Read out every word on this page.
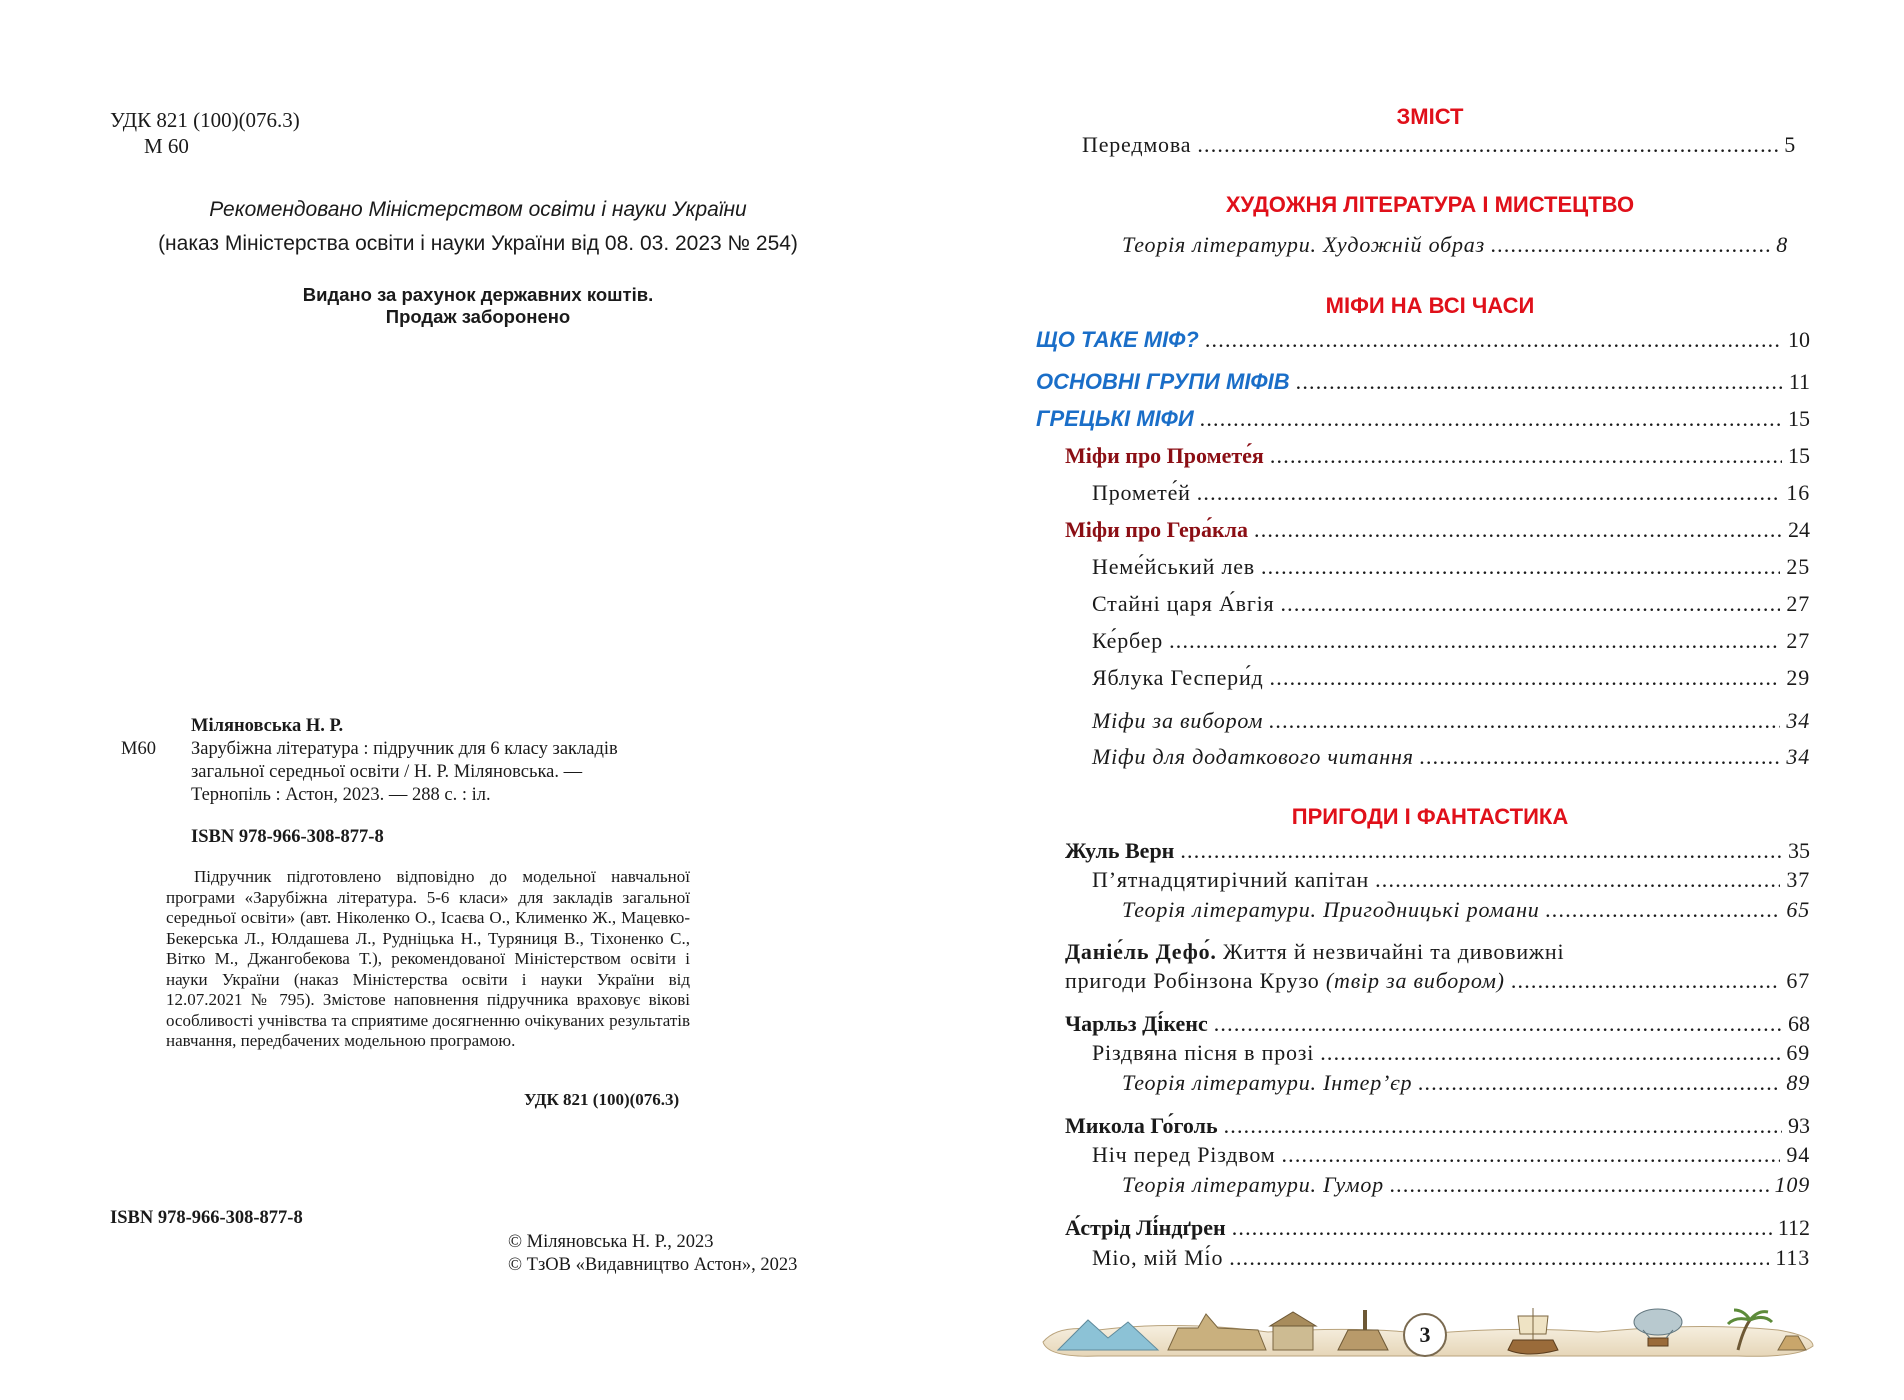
УДК 821 (100)(076.3)
М 60
Рекомендовано Міністерством освіти і науки України
(наказ Міністерства освіти і науки України від 08. 03. 2023 № 254)
Видано за рахунок державних коштів.
Продаж заборонено
Міляновська Н. Р.
М60 Зарубіжна література : підручник для 6 класу закладів
загальної середньої освіти / Н. Р. Міляновська. —
Тернопіль : Астон, 2023. — 288 с. : іл.
ISBN 978-966-308-877-8
Підручник підготовлено відповідно до модельної навчальної програми «Зарубіжна література. 5-6 класи» для закладів загальної середньої освіти» (авт. Ніколенко О., Ісаєва О., Клименко Ж., Мацевко-Бекерська Л., Юлдашева Л., Рудніцька Н., Туряниця В., Тіхоненко С., Вітко М., Джангобекова Т.), рекомендованої Міністерством освіти і науки України (наказ Міністерства освіти і науки України від 12.07.2021 № 795). Змістове наповнення підручника враховує вікові особливості учнівства та сприятиме досягненню очікуваних результатів навчання, передбачених модельною програмою.
УДК 821 (100)(076.3)
ISBN 978-966-308-877-8
© Міляновська Н. Р., 2023
© ТзОВ «Видавництво Астон», 2023
ЗМІСТ
Передмова .....	5
ХУДОЖНЯ ЛІТЕРАТУРА І МИСТЕЦТВО
Теорія літератури. Художній образ .....	8
МІФИ НА ВСІ ЧАСИ
ЩО ТАКЕ МІФ? .....	10
ОСНОВНІ ГРУПИ МІФІВ .....	11
ГРЕЦЬКІ МІФИ .....	15
Міфи про Промете́я .....	15
Промете́й .....	16
Міфи про Гера́кла .....	24
Неме́йський лев .....	25
Стайні царя А́вгія .....	27
Ке́рбер .....	27
Яблука Геспери́д .....	29
Міфи за вибором .....	34
Міфи для додаткового читання .....	34
ПРИГОДИ І ФАНТАСТИКА
Жуль Верн .....	35
П’ятнадцятирічний капітан .....	37
Теорія літератури. Пригодницькі романи .....	65
Даніе́ль Дефо́. Життя й незвичайні та дивовижні
пригоди Робінзона Крузо (твір за вибором) .....	67
Чарльз Ді́кенс .....	68
Різдвяна пісня в прозі .....	69
Теорія літератури. Інтер’єр .....	89
Микола Го́голь .....	93
Ніч перед Різдвом .....	94
Теорія літератури. Гумор .....	109
А́стрід Лі́ндґрен .....	112
Міо, мій Мі́о .....	113
3
